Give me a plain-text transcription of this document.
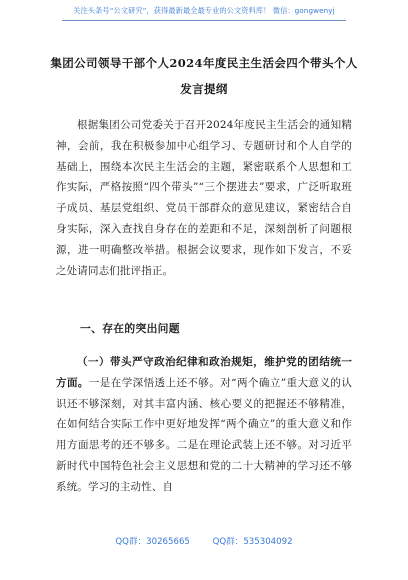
关注头条号“公文研究”，获得最新最全最专业的公文资料库！ 微信：gongwenyj
集团公司领导干部个人2024年度民主生活会四个带头个人
发言提纲
根据集团公司党委关于召开2024年度民主生活会的通知精神，会前，我在积极参加中心组学习、专题研讨和个人自学的基础上，围绕本次民主生活会的主题，紧密联系个人思想和工作实际，严格按照“四个带头”“三个摆进去”要求，广泛听取班子成员、基层党组织、党员干部群众的意见建议，紧密结合自身实际，深入查找自身存在的差距和不足，深刻剖析了问题根源，进一明确整改举措。根据会议要求，现作如下发言，不妥之处请同志们批评指正。
一、存在的突出问题
（一）带头严守政治纪律和政治规矩，维护党的团结统一方面。一是在学深悟透上还不够。对“两个确立”重大意义的认识还不够深刻，对其丰富内涵、核心要义的把握还不够精准，在如何结合实际工作中更好地发挥“两个确立”的重大意义和作用方面思考的还不够多。二是在理论武装上还不够。对习近平新时代中国特色社会主义思想和党的二十大精神的学习还不够系统。学习的主动性、自
QQ群：30265665	QQ群：535304092
